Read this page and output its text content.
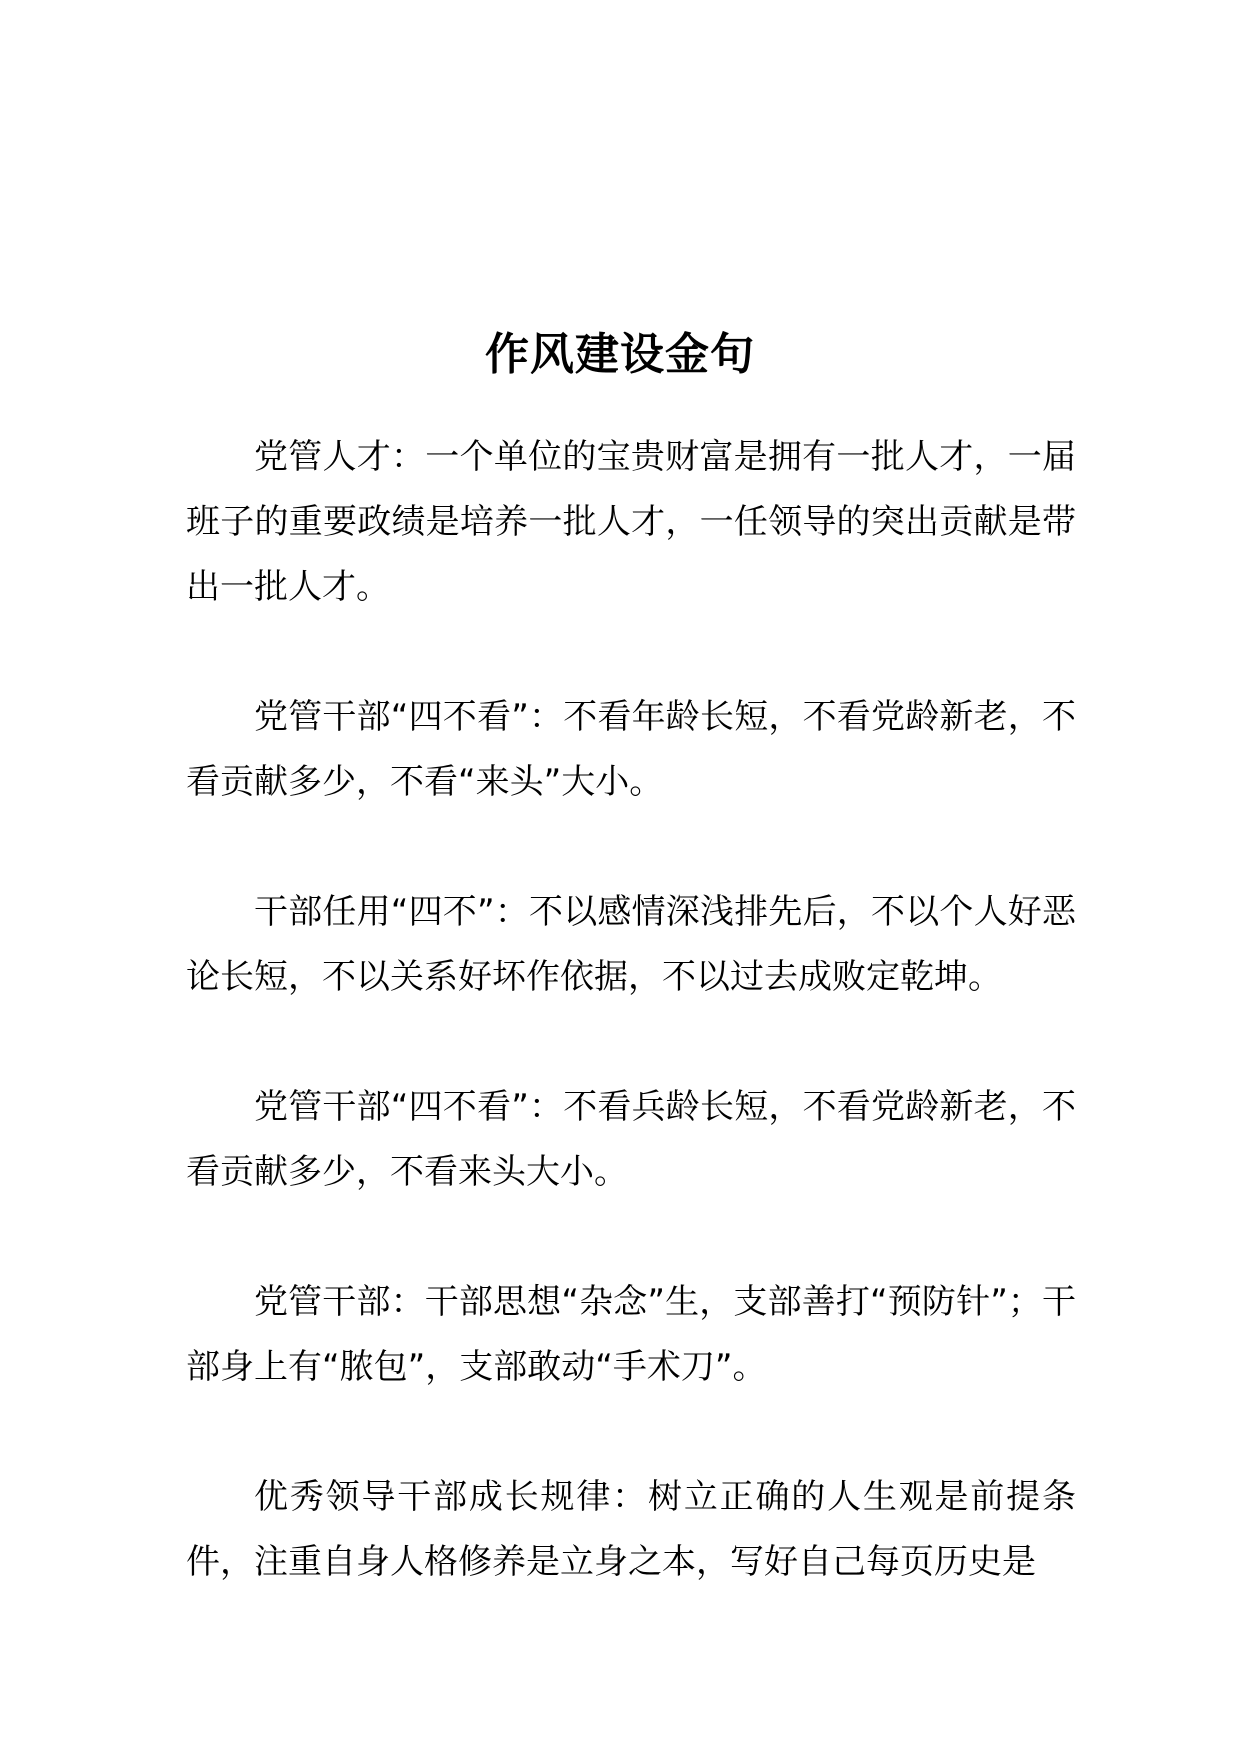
作风建设金句

党管人才：一个单位的宝贵财富是拥有一批人才，一届班子的重要政绩是培养一批人才，一任领导的突出贡献是带出一批人才。

党管干部“四不看”：不看年龄长短，不看党龄新老，不看贡献多少，不看“来头”大小。

干部任用“四不”：不以感情深浅排先后，不以个人好恶论长短，不以关系好坏作依据，不以过去成败定乾坤。

党管干部“四不看”：不看兵龄长短，不看党龄新老，不看贡献多少，不看来头大小。

党管干部：干部思想“杂念”生，支部善打“预防针”；干部身上有“脓包”，支部敢动“手术刀”。

优秀领导干部成长规律：树立正确的人生观是前提条件，注重自身人格修养是立身之本，写好自己每页历史是
